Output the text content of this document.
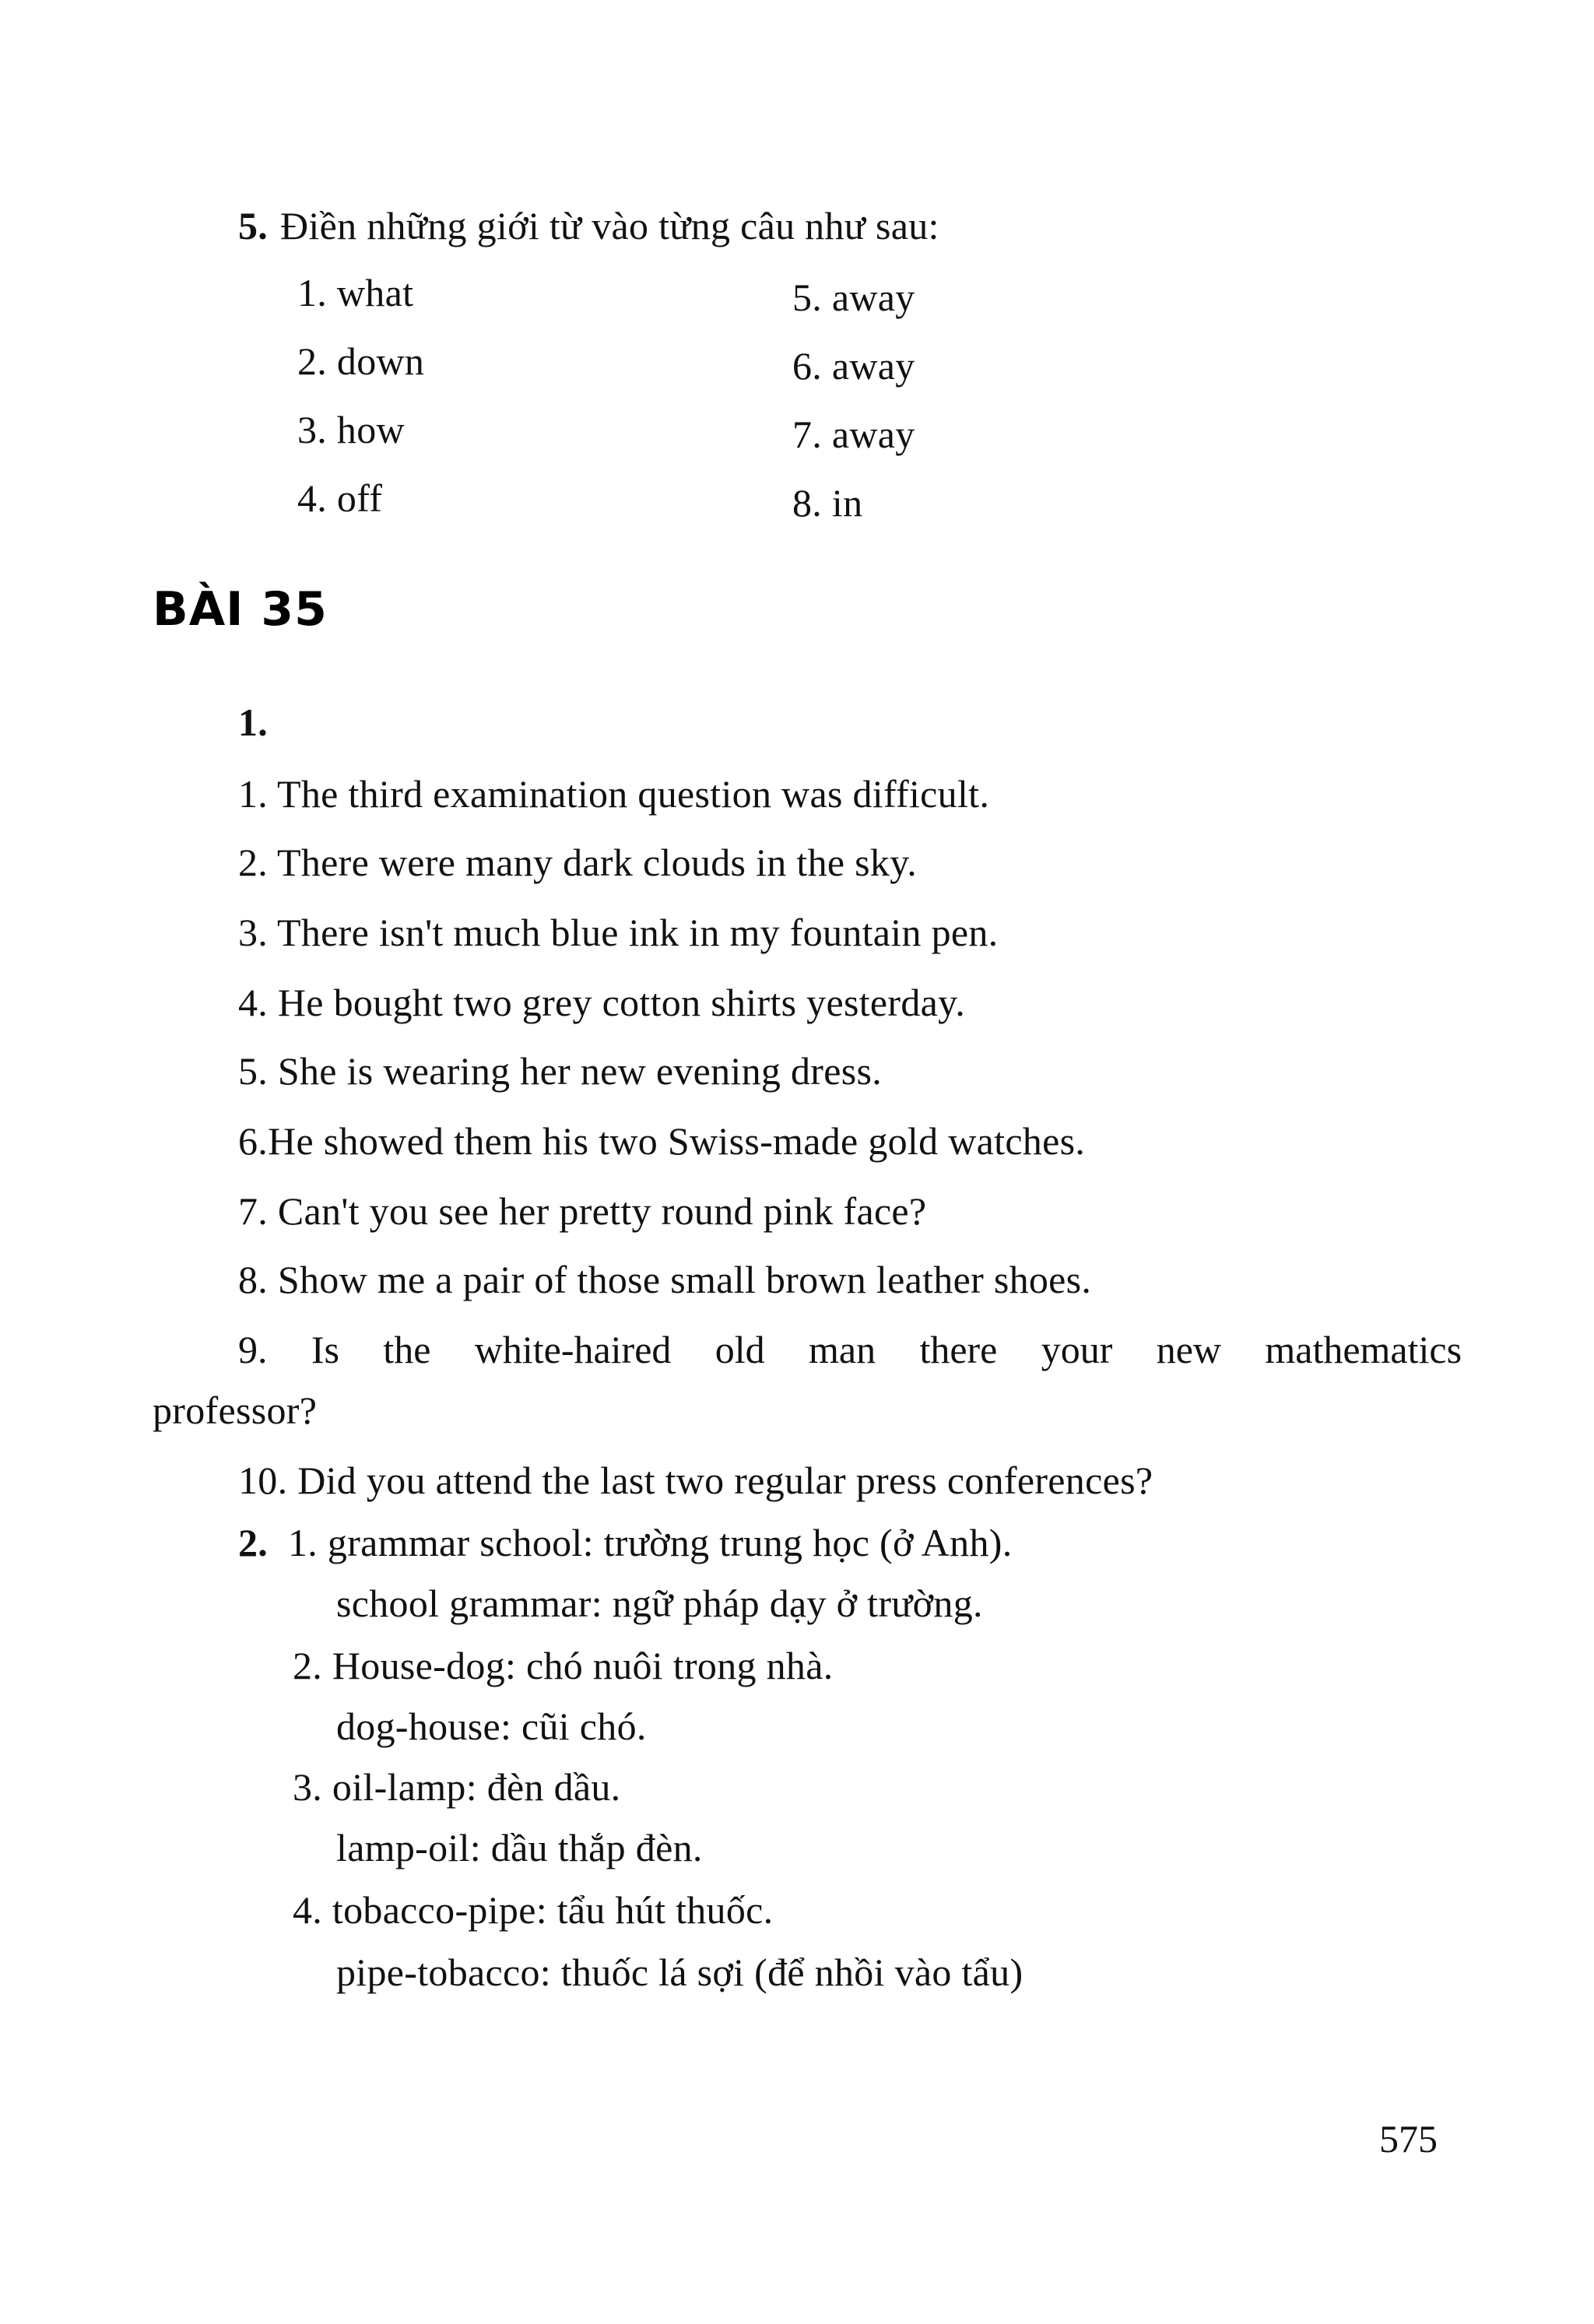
5. Điền những giới từ vào từng câu như sau:
1. what
2. down
3. how
4. off
5. away
6. away
7. away
8. in
BÀI 35
1.
1. The third examination question was difficult.
2. There were many dark clouds in the sky.
3. There isn't much blue ink in my fountain pen.
4. He bought two grey cotton shirts yesterday.
5. She is wearing her new evening dress.
6.He showed them his two Swiss-made gold watches.
7. Can't you see her pretty round pink face?
8. Show me a pair of those small brown leather shoes.
9. Is the white-haired old man there your new mathematics
professor?
10. Did you attend the last two regular press conferences?
2. 1. grammar school: trường trung học (ở Anh).
school grammar: ngữ pháp dạy ở trường.
2. House-dog: chó nuôi trong nhà.
dog-house: cũi chó.
3. oil-lamp: đèn dầu.
lamp-oil: dầu thắp đèn.
4. tobacco-pipe: tẩu hút thuốc.
pipe-tobacco: thuốc lá sợi (để nhồi vào tẩu)
575
